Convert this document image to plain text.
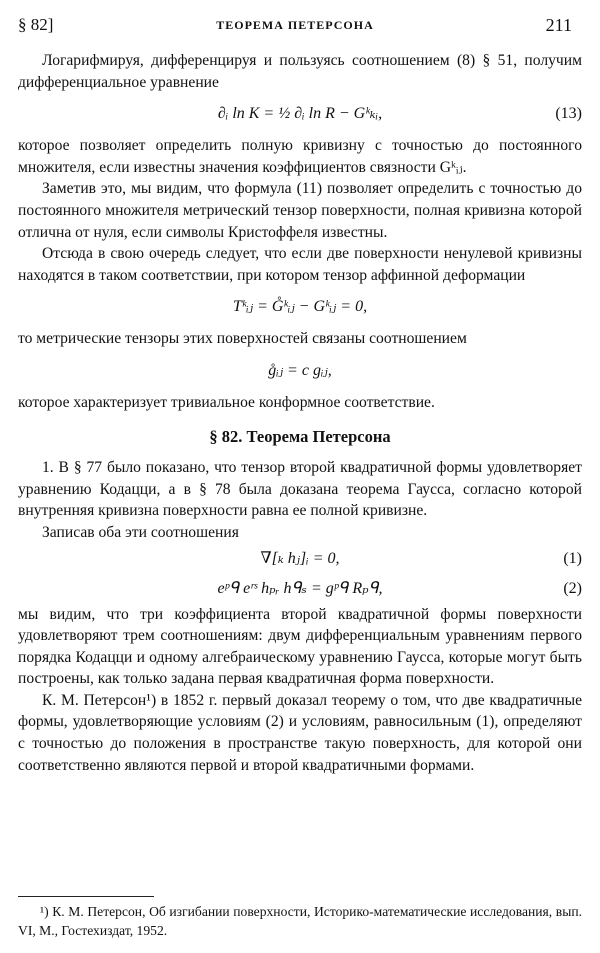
§ 82]	ТЕОРЕМА ПЕТЕРСОНА	211

Логарифмируя, дифференцируя и пользуясь соотношением (8) § 51, получим дифференциальное уравнение

∂ᵢ ln K = ½ ∂ᵢ ln R − Gᵏₖᵢ,	(13)

которое позволяет определить полную кривизну с точностью до постоянного множителя, если известны значения коэффициентов связности Gᵏᵢⱼ.

Заметив это, мы видим, что формула (11) позволяет определить с точностью до постоянного множителя метрический тензор поверхности, полная кривизна которой отлична от нуля, если символы Кристоффеля известны.

Отсюда в свою очередь следует, что если две поверхности ненулевой кривизны находятся в таком соответствии, при котором тензор аффинной деформации

Tᵏᵢⱼ = G̊ᵏᵢⱼ − Gᵏᵢⱼ = 0,

то метрические тензоры этих поверхностей связаны соотношением

g̊ᵢⱼ = c gᵢⱼ,

которое характеризует тривиальное конформное соответствие.

§ 82. Теорема Петерсона

1. В § 77 было показано, что тензор второй квадратичной формы удовлетворяет уравнению Кодацци, а в § 78 была доказана теорема Гаусса, согласно которой внутренняя кривизна поверхности равна ее полной кривизне.

Записав оба эти соотношения

∇[ₖ hⱼ]ᵢ = 0,	(1)
eᵖᑫ eʳˢ hₚᵣ hᑫₛ = gᵖᑫ Rₚᑫ,	(2)

мы видим, что три коэффициента второй квадратичной формы поверхности удовлетворяют трем соотношениям: двум дифференциальным уравнениям первого порядка Кодацци и одному алгебраическому уравнению Гаусса, которые могут быть построены, как только задана первая квадратичная форма поверхности.

К. М. Петерсон¹) в 1852 г. первый доказал теорему о том, что две квадратичные формы, удовлетворяющие условиям (2) и условиям, равносильным (1), определяют с точностью до положения в пространстве такую поверхность, для которой они соответственно являются первой и второй квадратичными формами.

¹) К. М. Петерсон, Об изгибании поверхности, Историко-математические исследования, вып. VI, М., Гостехиздат, 1952.
